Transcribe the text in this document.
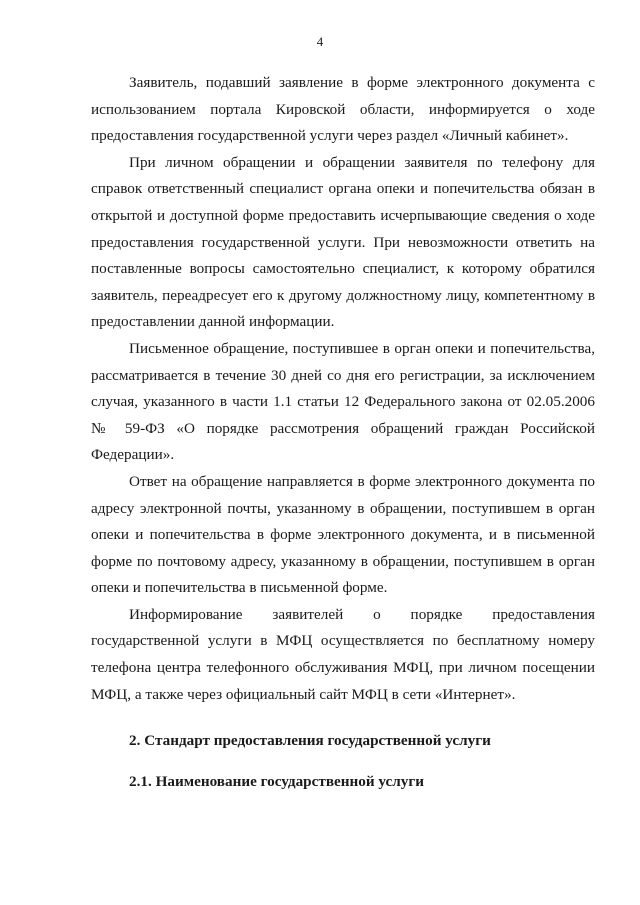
4

Заявитель, подавший заявление в форме электронного документа с использованием портала Кировской области, информируется о ходе предоставления государственной услуги через раздел «Личный кабинет».

При личном обращении и обращении заявителя по телефону для справок ответственный специалист органа опеки и попечительства обязан в открытой и доступной форме предоставить исчерпывающие сведения о ходе предоставления государственной услуги. При невозможности ответить на поставленные вопросы самостоятельно специалист, к которому обратился заявитель, переадресует его к другому должностному лицу, компетентному в предоставлении данной информации.

Письменное обращение, поступившее в орган опеки и попечительства, рассматривается в течение 30 дней со дня его регистрации, за исключением случая, указанного в части 1.1 статьи 12 Федерального закона от 02.05.2006 № 59-ФЗ «О порядке рассмотрения обращений граждан Российской Федерации».

Ответ на обращение направляется в форме электронного документа по адресу электронной почты, указанному в обращении, поступившем в орган опеки и попечительства в форме электронного документа, и в письменной форме по почтовому адресу, указанному в обращении, поступившем в орган опеки и попечительства в письменной форме.

Информирование заявителей о порядке предоставления государственной услуги в МФЦ осуществляется по бесплатному номеру телефона центра телефонного обслуживания МФЦ, при личном посещении МФЦ, а также через официальный сайт МФЦ в сети «Интернет».

2. Стандарт предоставления государственной услуги

2.1. Наименование государственной услуги
